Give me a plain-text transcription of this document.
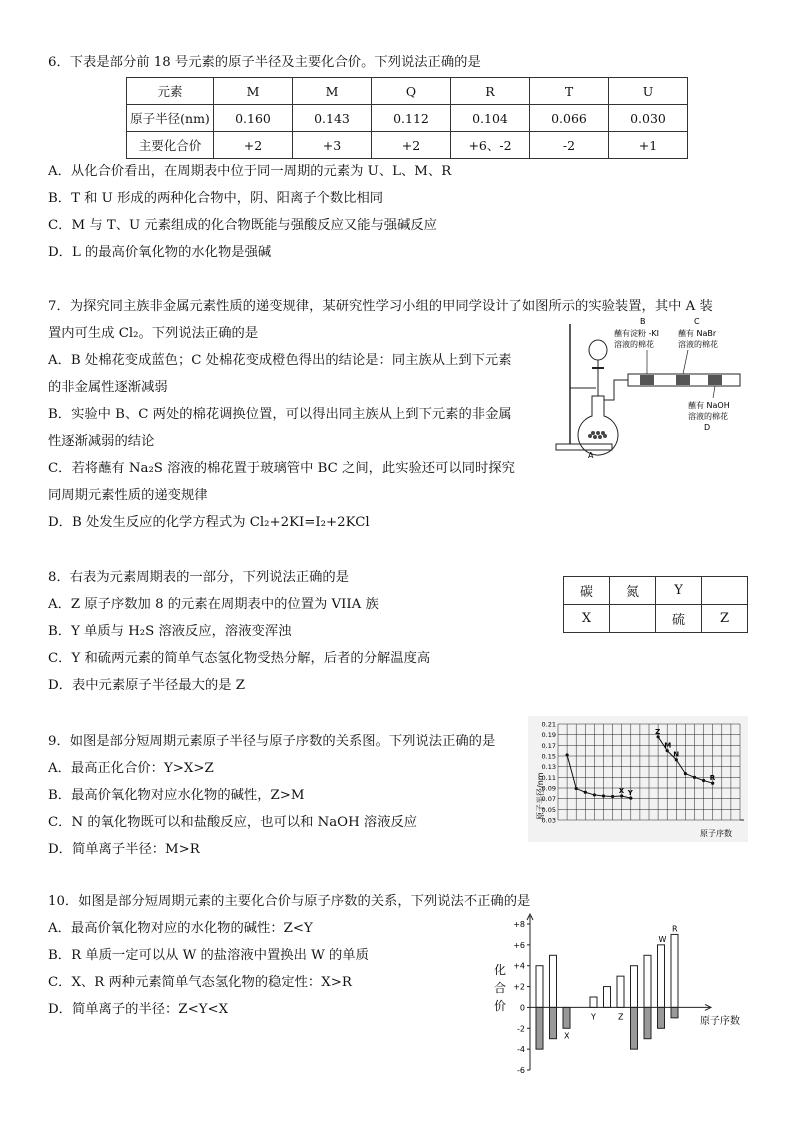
6．下表是部分前 18 号元素的原子半径及主要化合价。下列说法正确的是
元素	M	M	Q	R	T	U
原子半径(nm)	0.160	0.143	0.112	0.104	0.066	0.030
主要化合价	+2	+3	+2	+6、-2	-2	+1
A．从化合价看出，在周期表中位于同一周期的元素为 U、L、M、R
B．T 和 U 形成的两种化合物中，阴、阳离子个数比相同
C．M 与 T、U 元素组成的化合物既能与强酸反应又能与强碱反应
D．L 的最高价氧化物的水化物是强碱
7．为探究同主族非金属元素性质的递变规律，某研究性学习小组的甲同学设计了如图所示的实验装置，其中 A 装
置内可生成 Cl₂。下列说法正确的是
A．B 处棉花变成蓝色；C 处棉花变成橙色得出的结论是：同主族从上到下元素
的非金属性逐渐减弱
B．实验中 B、C 两处的棉花调换位置，可以得出同主族从上到下元素的非金属
性逐渐减弱的结论
C．若将蘸有 Na₂S 溶液的棉花置于玻璃管中 BC 之间，此实验还可以同时探究
同周期元素性质的递变规律
D．B 处发生反应的化学方程式为 Cl₂+2KI=I₂+2KCl
B	C
蘸有淀粉 -KI
溶液的棉花
蘸有 NaBr
溶液的棉花
蘸有 NaOH
溶液的棉花
D
A
8．右表为元素周期表的一部分，下列说法正确的是
A．Z 原子序数加 8 的元素在周期表中的位置为 VIIA 族
B．Y 单质与 H₂S 溶液反应，溶液变浑浊
C．Y 和硫两元素的简单气态氢化物受热分解，后者的分解温度高
D．表中元素原子半径最大的是 Z
碳	氮	Y	
X		硫	Z
9．如图是部分短周期元素原子半径与原子序数的关系图。下列说法正确的是
A．最高正化合价：Y>X>Z
B．最高价氧化物对应水化物的碱性，Z>M
C．N 的氧化物既可以和盐酸反应，也可以和 NaOH 溶液反应
D．简单离子半径：M>R
0.21
0.19
0.17
0.15
0.13
0.11
0.09
0.07
0.05
0.03
X Y
Z
M
N
R
原子半径/nm
原子序数
10．如图是部分短周期元素的主要化合价与原子序数的关系，下列说法不正确的是
A．最高价氧化物对应的水化物的碱性：Z<Y
B．R 单质一定可以从 W 的盐溶液中置换出 W 的单质
C．X、R 两种元素简单气态氢化物的稳定性：X>R
D．简单离子的半径：Z<Y<X
+8
+6
+4
+2
0
-2
-4
-6
X
Y	Z
W
R
化合价
原子序数
